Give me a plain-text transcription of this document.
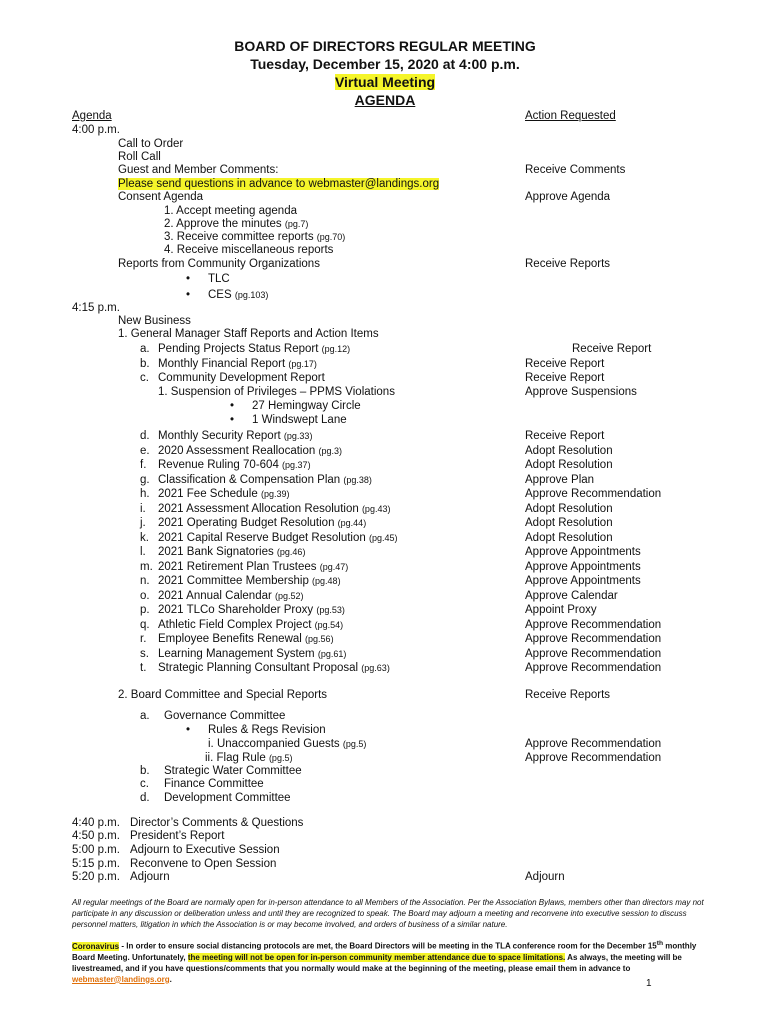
BOARD OF DIRECTORS REGULAR MEETING
Tuesday, December 15, 2020 at 4:00 p.m.
Virtual Meeting
AGENDA
Agenda	Action Requested
4:00 p.m.
Call to Order
Roll Call
Guest and Member Comments:	Receive Comments
Please send questions in advance to webmaster@landings.org
Consent Agenda	Approve Agenda
1. Accept meeting agenda
2. Approve the minutes (pg.7)
3. Receive committee reports (pg.70)
4. Receive miscellaneous reports
Reports from Community Organizations	Receive Reports
• TLC
• CES (pg.103)
4:15 p.m.
New Business
1. General Manager Staff Reports and Action Items
a. Pending Projects Status Report (pg.12)	Receive Report
b. Monthly Financial Report (pg.17)	Receive Report
c. Community Development Report	Receive Report
1. Suspension of Privileges – PPMS Violations	Approve Suspensions
• 27 Hemingway Circle
• 1 Windswept Lane
d. Monthly Security Report (pg.33)	Receive Report
e. 2020 Assessment Reallocation (pg.3)	Adopt Resolution
f. Revenue Ruling 70-604 (pg.37)	Adopt Resolution
g. Classification & Compensation Plan (pg.38)	Approve Plan
h. 2021 Fee Schedule (pg.39)	Approve Recommendation
i. 2021 Assessment Allocation Resolution (pg.43)	Adopt Resolution
j. 2021 Operating Budget Resolution (pg.44)	Adopt Resolution
k. 2021 Capital Reserve Budget Resolution (pg.45)	Adopt Resolution
l. 2021 Bank Signatories (pg.46)	Approve Appointments
m. 2021 Retirement Plan Trustees (pg.47)	Approve Appointments
n. 2021 Committee Membership (pg.48)	Approve Appointments
o. 2021 Annual Calendar (pg.52)	Approve Calendar
p. 2021 TLCo Shareholder Proxy (pg.53)	Appoint Proxy
q. Athletic Field Complex Project (pg.54)	Approve Recommendation
r. Employee Benefits Renewal (pg.56)	Approve Recommendation
s. Learning Management System (pg.61)	Approve Recommendation
t. Strategic Planning Consultant Proposal (pg.63)	Approve Recommendation
2. Board Committee and Special Reports	Receive Reports
a. Governance Committee
• Rules & Regs Revision
i. Unaccompanied Guests (pg.5)	Approve Recommendation
ii. Flag Rule (pg.5)	Approve Recommendation
b. Strategic Water Committee
c. Finance Committee
d. Development Committee
4:40 p.m. Director’s Comments & Questions
4:50 p.m. President’s Report
5:00 p.m. Adjourn to Executive Session
5:15 p.m. Reconvene to Open Session
5:20 p.m. Adjourn	Adjourn
All regular meetings of the Board are normally open for in-person attendance to all Members of the Association. Per the Association Bylaws, members other than directors may not participate in any discussion or deliberation unless and until they are recognized to speak. The Board may adjourn a meeting and reconvene into executive session to discuss personnel matters, litigation in which the Association is or may become involved, and orders of business of a similar nature.
Coronavirus - In order to ensure social distancing protocols are met, the Board Directors will be meeting in the TLA conference room for the December 15th monthly Board Meeting. Unfortunately, the meeting will not be open for in-person community member attendance due to space limitations. As always, the meeting will be livestreamed, and if you have questions/comments that you normally would make at the beginning of the meeting, please email them in advance to webmaster@landings.org.	1
